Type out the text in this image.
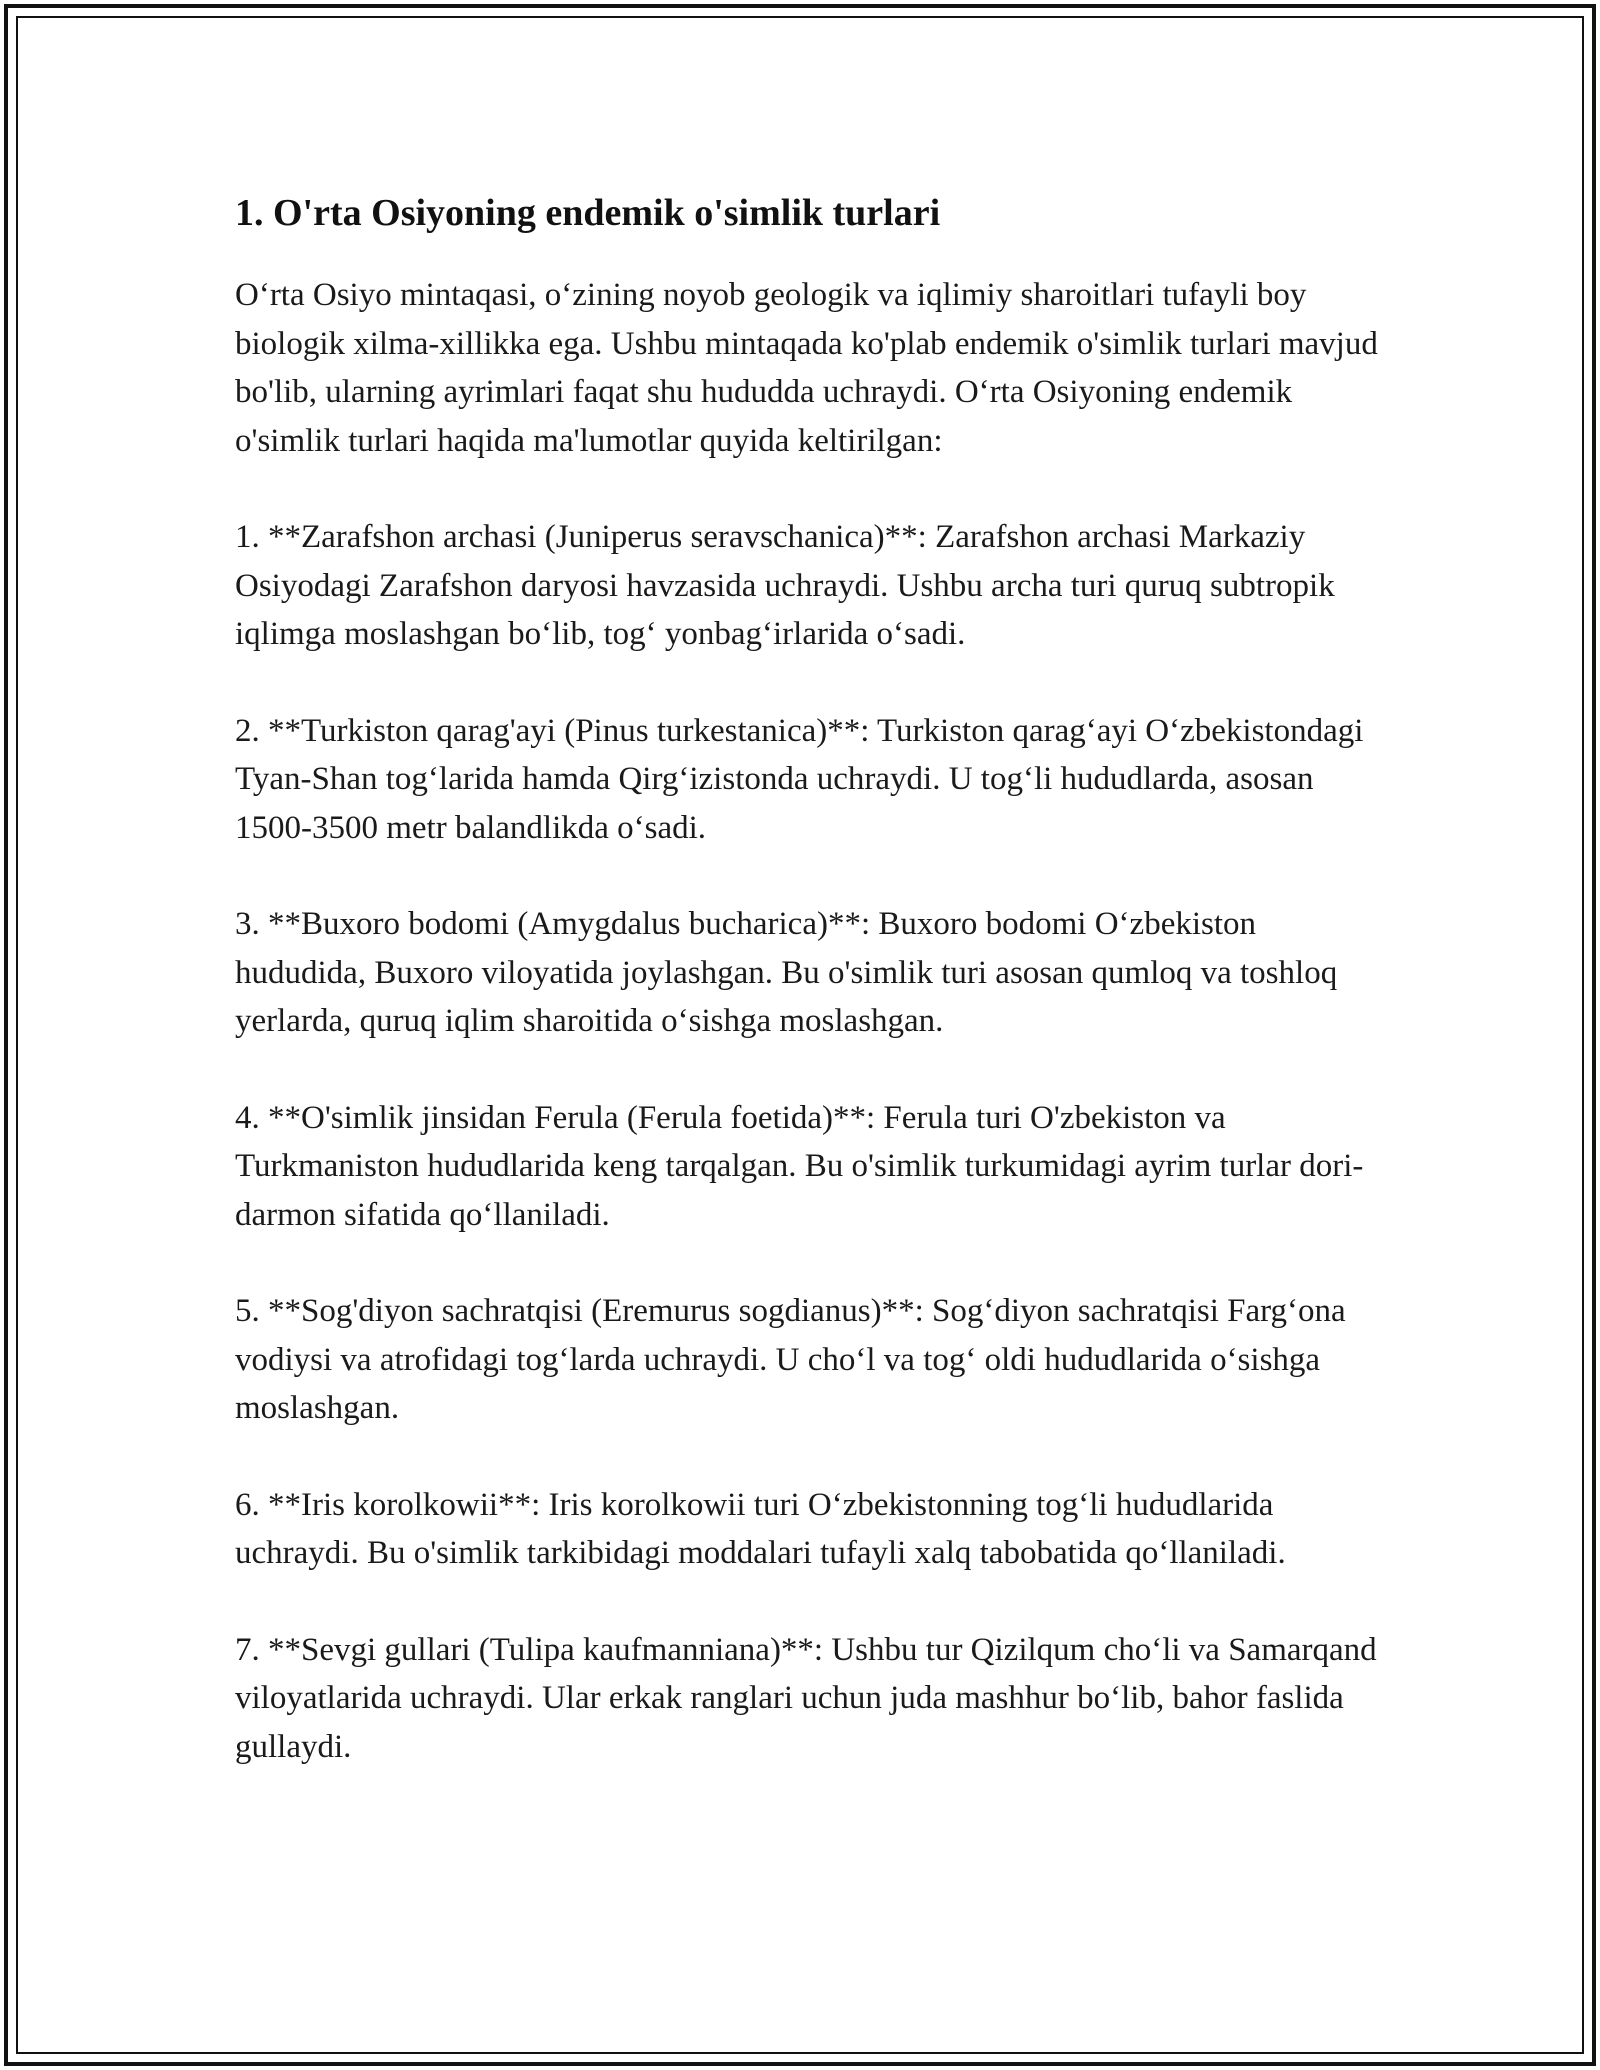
1. O'rta Osiyoning endemik o'simlik turlari

O‘rta Osiyo mintaqasi, o‘zining noyob geologik va iqlimiy sharoitlari tufayli boy biologik xilma-xillikka ega. Ushbu mintaqada ko'plab endemik o'simlik turlari mavjud bo'lib, ularning ayrimlari faqat shu hududda uchraydi. O‘rta Osiyoning endemik o'simlik turlari haqida ma'lumotlar quyida keltirilgan:

1. **Zarafshon archasi (Juniperus seravschanica)**: Zarafshon archasi Markaziy Osiyodagi Zarafshon daryosi havzasida uchraydi. Ushbu archa turi quruq subtropik iqlimga moslashgan bo‘lib, tog‘ yonbag‘irlarida o‘sadi.

2. **Turkiston qarag'ayi (Pinus turkestanica)**: Turkiston qarag‘ayi O‘zbekistondagi Tyan-Shan tog‘larida hamda Qirg‘izistonda uchraydi. U tog‘li hududlarda, asosan 1500-3500 metr balandlikda o‘sadi.

3. **Buxoro bodomi (Amygdalus bucharica)**: Buxoro bodomi O‘zbekiston hududida, Buxoro viloyatida joylashgan. Bu o'simlik turi asosan qumloq va toshloq yerlarda, quruq iqlim sharoitida o‘sishga moslashgan.

4. **O'simlik jinsidan Ferula (Ferula foetida)**: Ferula turi O'zbekiston va Turkmaniston hududlarida keng tarqalgan. Bu o'simlik turkumidagi ayrim turlar dori-darmon sifatida qo‘llaniladi.

5. **Sog'diyon sachratqisi (Eremurus sogdianus)**: Sog‘diyon sachratqisi Farg‘ona vodiysi va atrofidagi tog‘larda uchraydi. U cho‘l va tog‘ oldi hududlarida o‘sishga moslashgan.

6. **Iris korolkowii**: Iris korolkowii turi O‘zbekistonning tog‘li hududlarida uchraydi. Bu o'simlik tarkibidagi moddalari tufayli xalq tabobatida qo‘llaniladi.

7. **Sevgi gullari (Tulipa kaufmanniana)**: Ushbu tur Qizilqum cho‘li va Samarqand viloyatlarida uchraydi. Ular erkak ranglari uchun juda mashhur bo‘lib, bahor faslida gullaydi.
